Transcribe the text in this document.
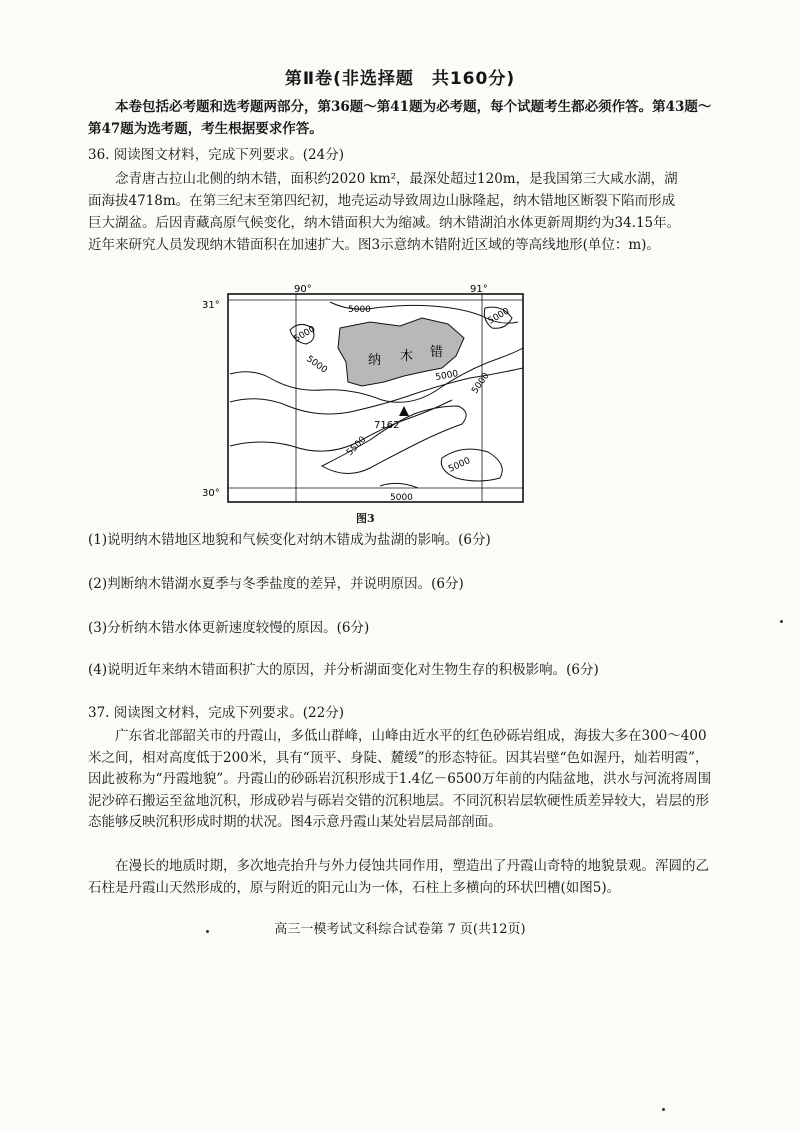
第Ⅱ卷(非选择题　共160分)

本卷包括必考题和选考题两部分，第36题～第41题为必考题，每个试题考生都必须作答。第43题～第47题为选考题，考生根据要求作答。

36. 阅读图文材料，完成下列要求。(24分)

念青唐古拉山北侧的纳木错，面积约2020 km²，最深处超过120m，是我国第三大咸水湖，湖面海拔4718m。在第三纪末至第四纪初，地壳运动导致周边山脉隆起，纳木错地区断裂下陷而形成巨大湖盆。后因青藏高原气候变化，纳木错面积大为缩减。纳木错湖泊水体更新周期约为34.15年。近年来研究人员发现纳木错面积在加速扩大。图3示意纳木错附近区域的等高线地形(单位：m)。

90°	91°
31°
30°
纳 木 错
5000
5000
5000
5000
5000 5000
5500
5000
5000
7162
图3

(1)说明纳木错地区地貌和气候变化对纳木错成为盐湖的影响。(6分)

(2)判断纳木错湖水夏季与冬季盐度的差异，并说明原因。(6分)

(3)分析纳木错水体更新速度较慢的原因。(6分)

(4)说明近年来纳木错面积扩大的原因，并分析湖面变化对生物生存的积极影响。(6分)

37. 阅读图文材料，完成下列要求。(22分)

广东省北部韶关市的丹霞山，多低山群峰，山峰由近水平的红色砂砾岩组成，海拔大多在300～400米之间，相对高度低于200米，具有“顶平、身陡、麓缓”的形态特征。因其岩壁“色如渥丹，灿若明霞”，因此被称为“丹霞地貌”。丹霞山的砂砾岩沉积形成于1.4亿－6500万年前的内陆盆地，洪水与河流将周围泥沙碎石搬运至盆地沉积，形成砂岩与砾岩交错的沉积地层。不同沉积岩层软硬性质差异较大，岩层的形态能够反映沉积形成时期的状况。图4示意丹霞山某处岩层局部剖面。

在漫长的地质时期，多次地壳抬升与外力侵蚀共同作用，塑造出了丹霞山奇特的地貌景观。浑圆的乙石柱是丹霞山天然形成的，原与附近的阳元山为一体，石柱上多横向的环状凹槽(如图5)。

高三一模考试文科综合试卷第 7 页(共12页)
